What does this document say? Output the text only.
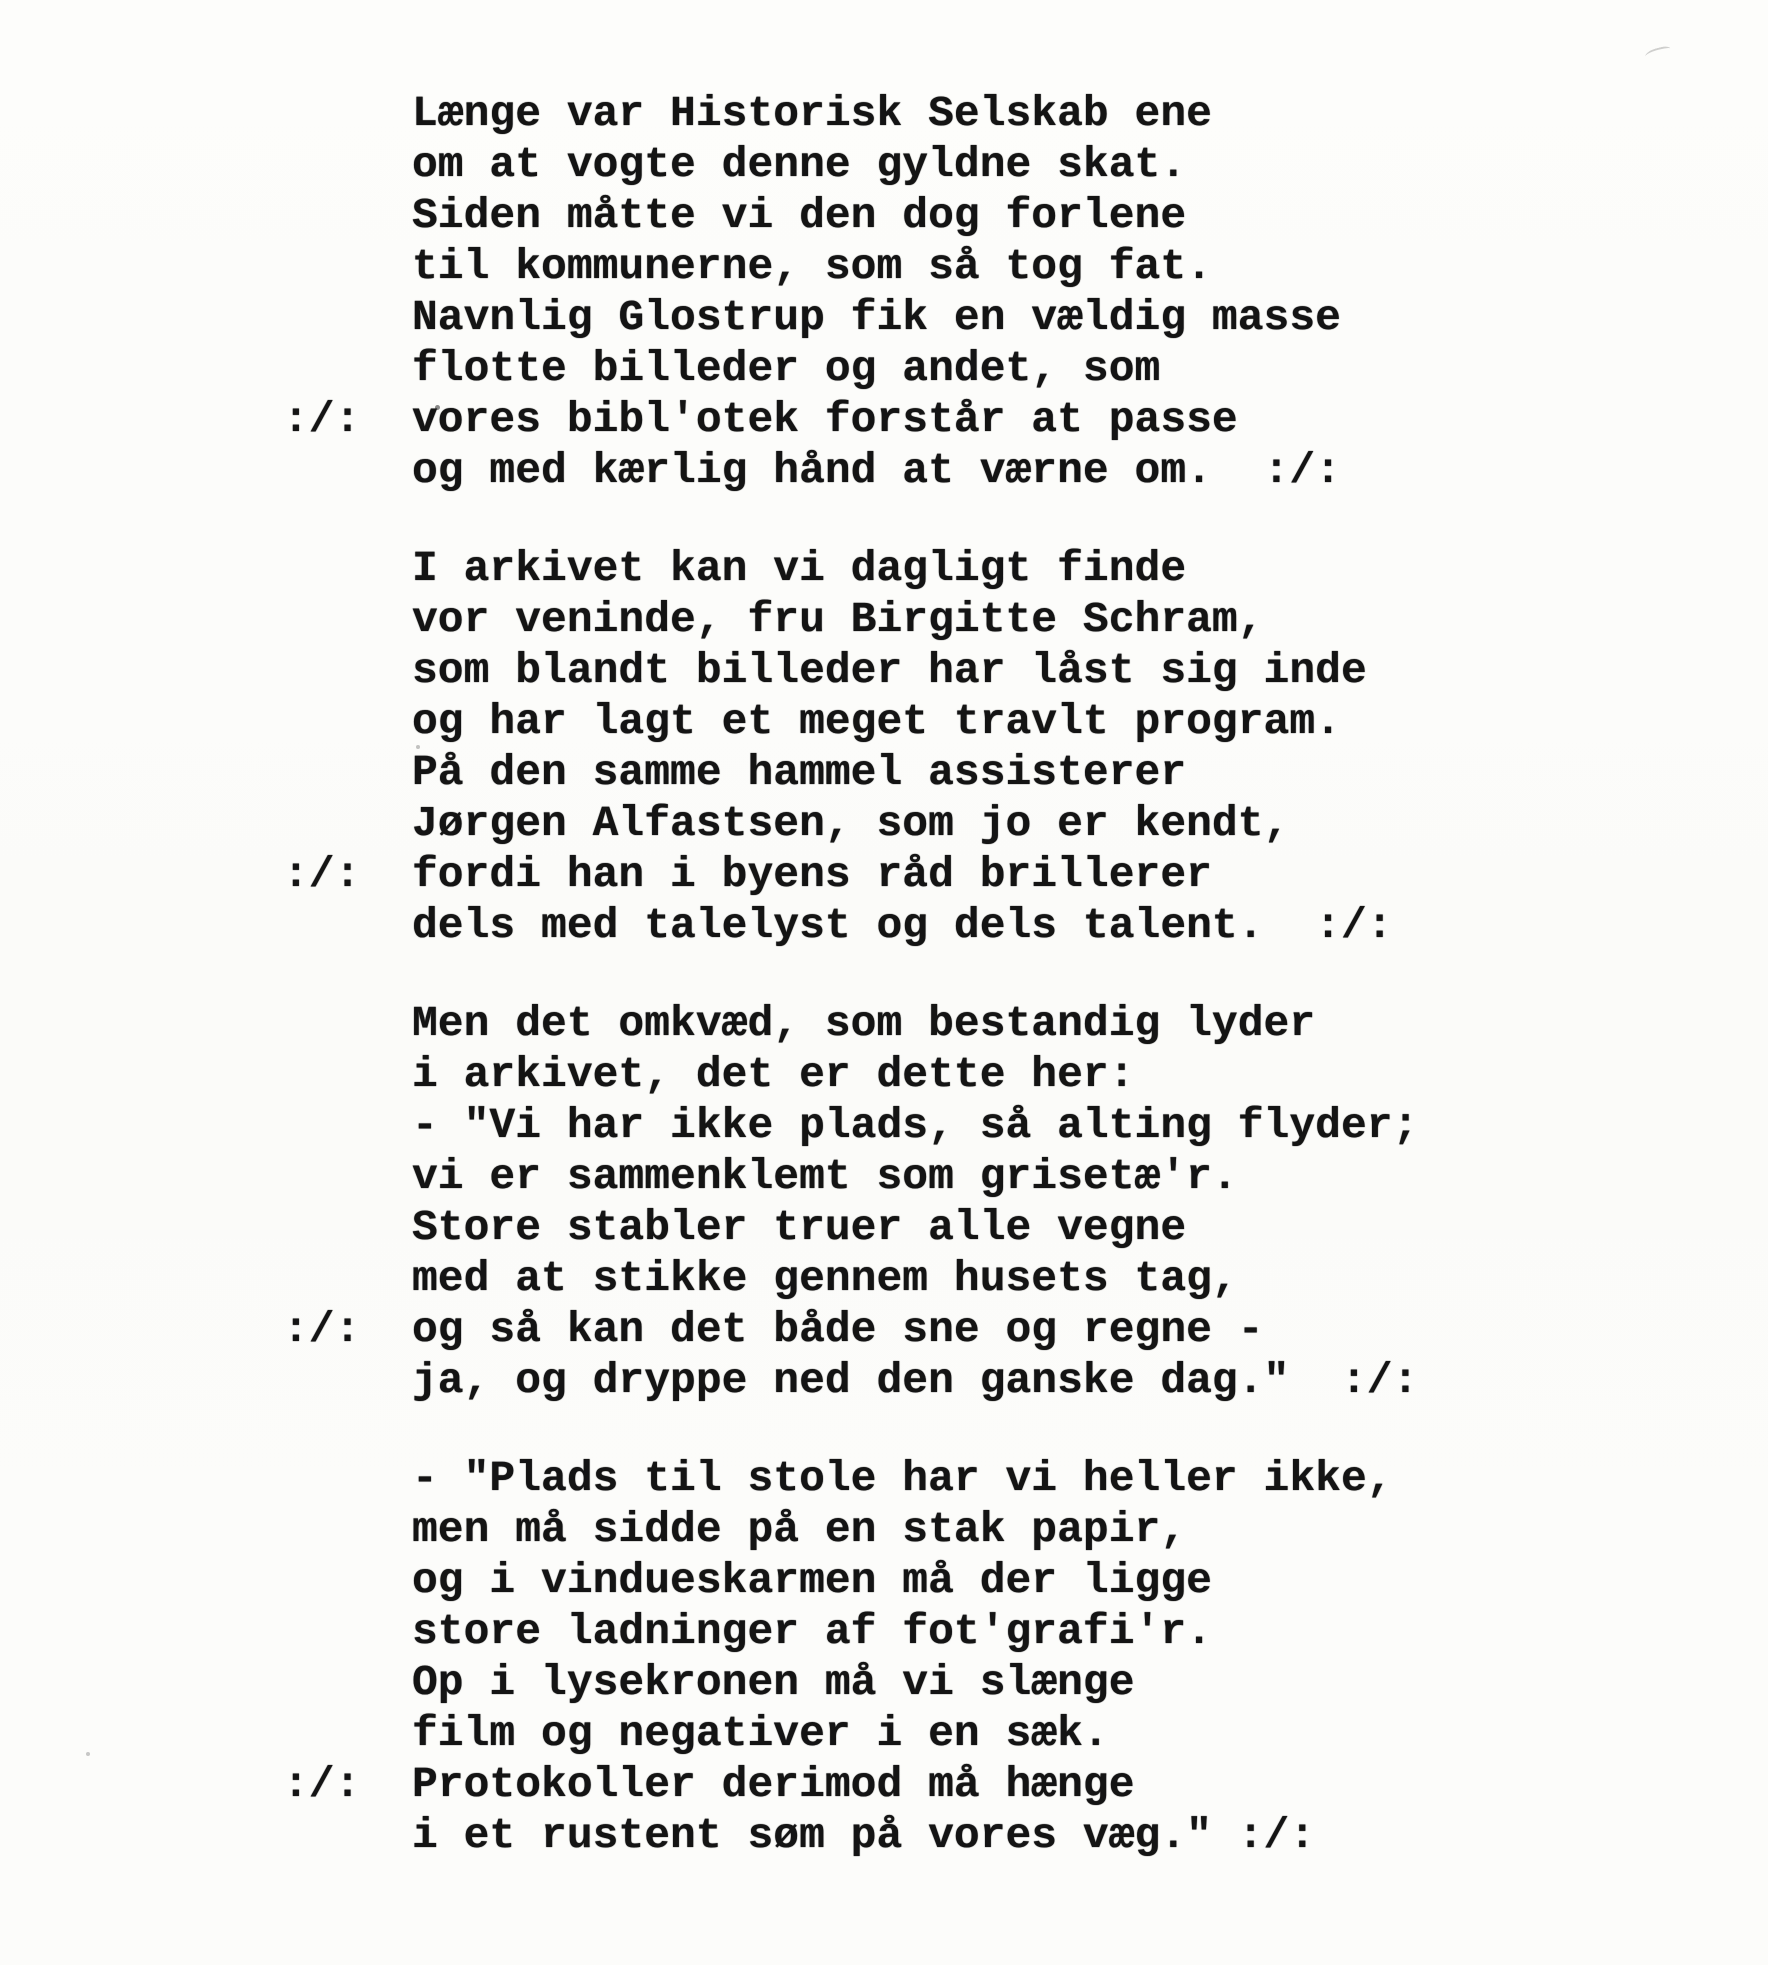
Længe var Historisk Selskab ene
om at vogte denne gyldne skat.
Siden måtte vi den dog forlene
til kommunerne, som så tog fat.
Navnlig Glostrup fik en vældig masse
flotte billeder og andet, som
:/: vores bibl'otek forstår at passe
og med kærlig hånd at værne om.  :/:
I arkivet kan vi dagligt finde
vor veninde, fru Birgitte Schram,
som blandt billeder har låst sig inde
og har lagt et meget travlt program.
På den samme hammel assisterer
Jørgen Alfastsen, som jo er kendt,
:/: fordi han i byens råd brillerer
dels med talelyst og dels talent.  :/:
Men det omkvæd, som bestandig lyder
i arkivet, det er dette her:
- "Vi har ikke plads, så alting flyder;
vi er sammenklemt som grisetæ'r.
Store stabler truer alle vegne
med at stikke gennem husets tag,
:/: og så kan det både sne og regne -
ja, og dryppe ned den ganske dag."  :/:
- "Plads til stole har vi heller ikke,
men må sidde på en stak papir,
og i vindueskarmen må der ligge
store ladninger af fot'grafi'r.
Op i lysekronen må vi slænge
film og negativer i en sæk.
:/: Protokoller derimod må hænge
i et rustent søm på vores væg." :/:
